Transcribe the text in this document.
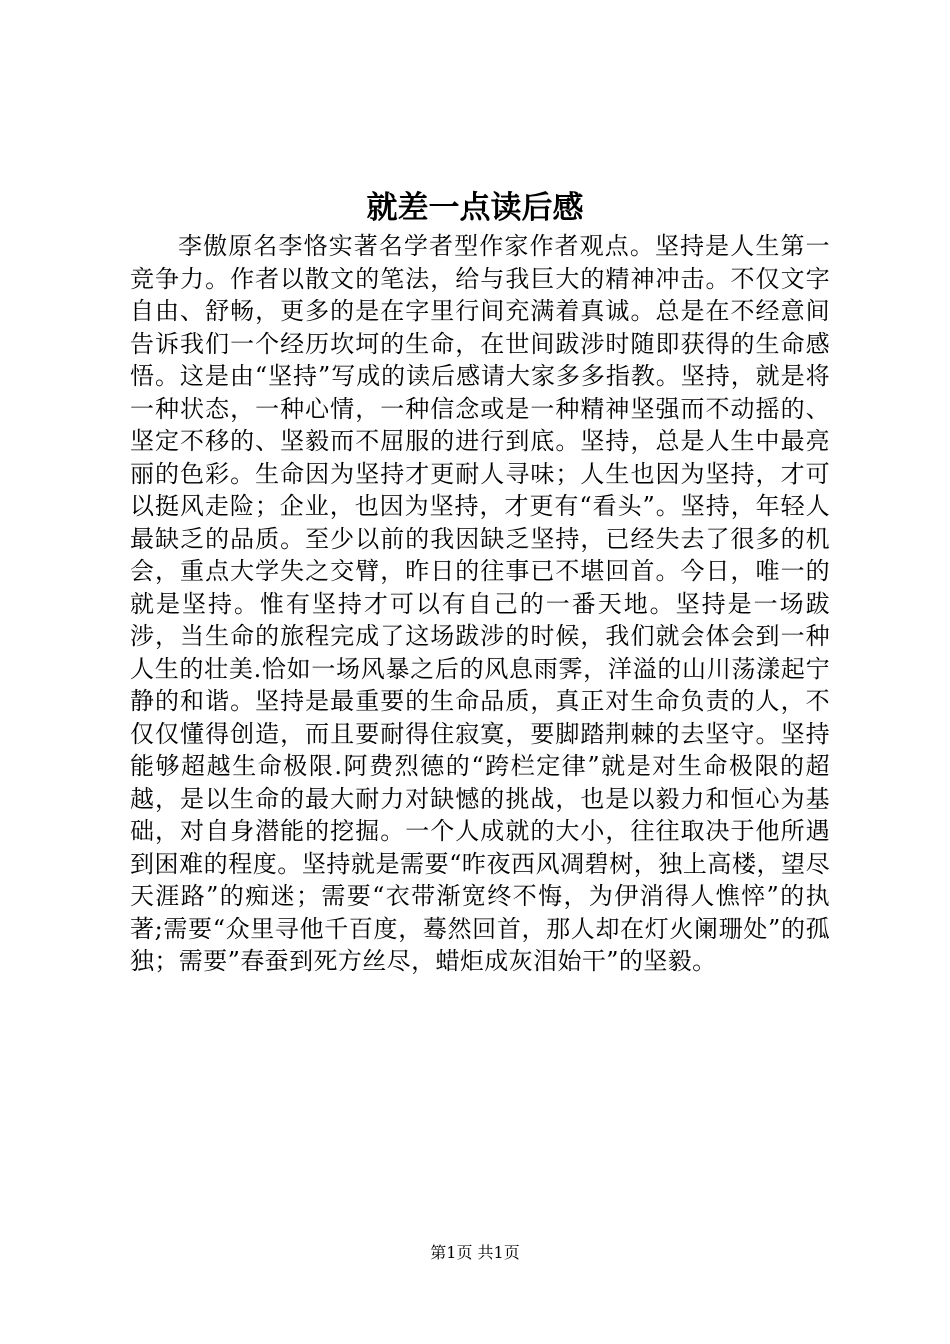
就差一点读后感

李傲原名李恪实著名学者型作家作者观点。坚持是人生第一竞争力。作者以散文的笔法，给与我巨大的精神冲击。不仅文字自由、舒畅，更多的是在字里行间充满着真诚。总是在不经意间告诉我们一个经历坎坷的生命，在世间跋涉时随即获得的生命感悟。这是由“坚持”写成的读后感请大家多多指教。坚持，就是将一种状态，一种心情，一种信念或是一种精神坚强而不动摇的、坚定不移的、坚毅而不屈服的进行到底。坚持，总是人生中最亮丽的色彩。生命因为坚持才更耐人寻味；人生也因为坚持，才可以挺风走险；企业，也因为坚持，才更有“看头”。坚持，年轻人最缺乏的品质。至少以前的我因缺乏坚持，已经失去了很多的机会，重点大学失之交臂，昨日的往事已不堪回首。今日，唯一的就是坚持。惟有坚持才可以有自己的一番天地。坚持是一场跋涉，当生命的旅程完成了这场跋涉的时候，我们就会体会到一种人生的壮美.恰如一场风暴之后的风息雨霁，洋溢的山川荡漾起宁静的和谐。坚持是最重要的生命品质，真正对生命负责的人，不仅仅懂得创造，而且要耐得住寂寞，要脚踏荆棘的去坚守。坚持能够超越生命极限.阿费烈德的“跨栏定律”就是对生命极限的超越，是以生命的最大耐力对缺憾的挑战，也是以毅力和恒心为基础，对自身潜能的挖掘。一个人成就的大小，往往取决于他所遇到困难的程度。坚持就是需要“昨夜西风凋碧树，独上高楼，望尽天涯路”的痴迷；需要“衣带渐宽终不悔，为伊消得人憔悴”的执著;需要“众里寻他千百度，蓦然回首，那人却在灯火阑珊处”的孤独；需要”春蚕到死方丝尽，蜡炬成灰泪始干”的坚毅。

第1页 共1页
